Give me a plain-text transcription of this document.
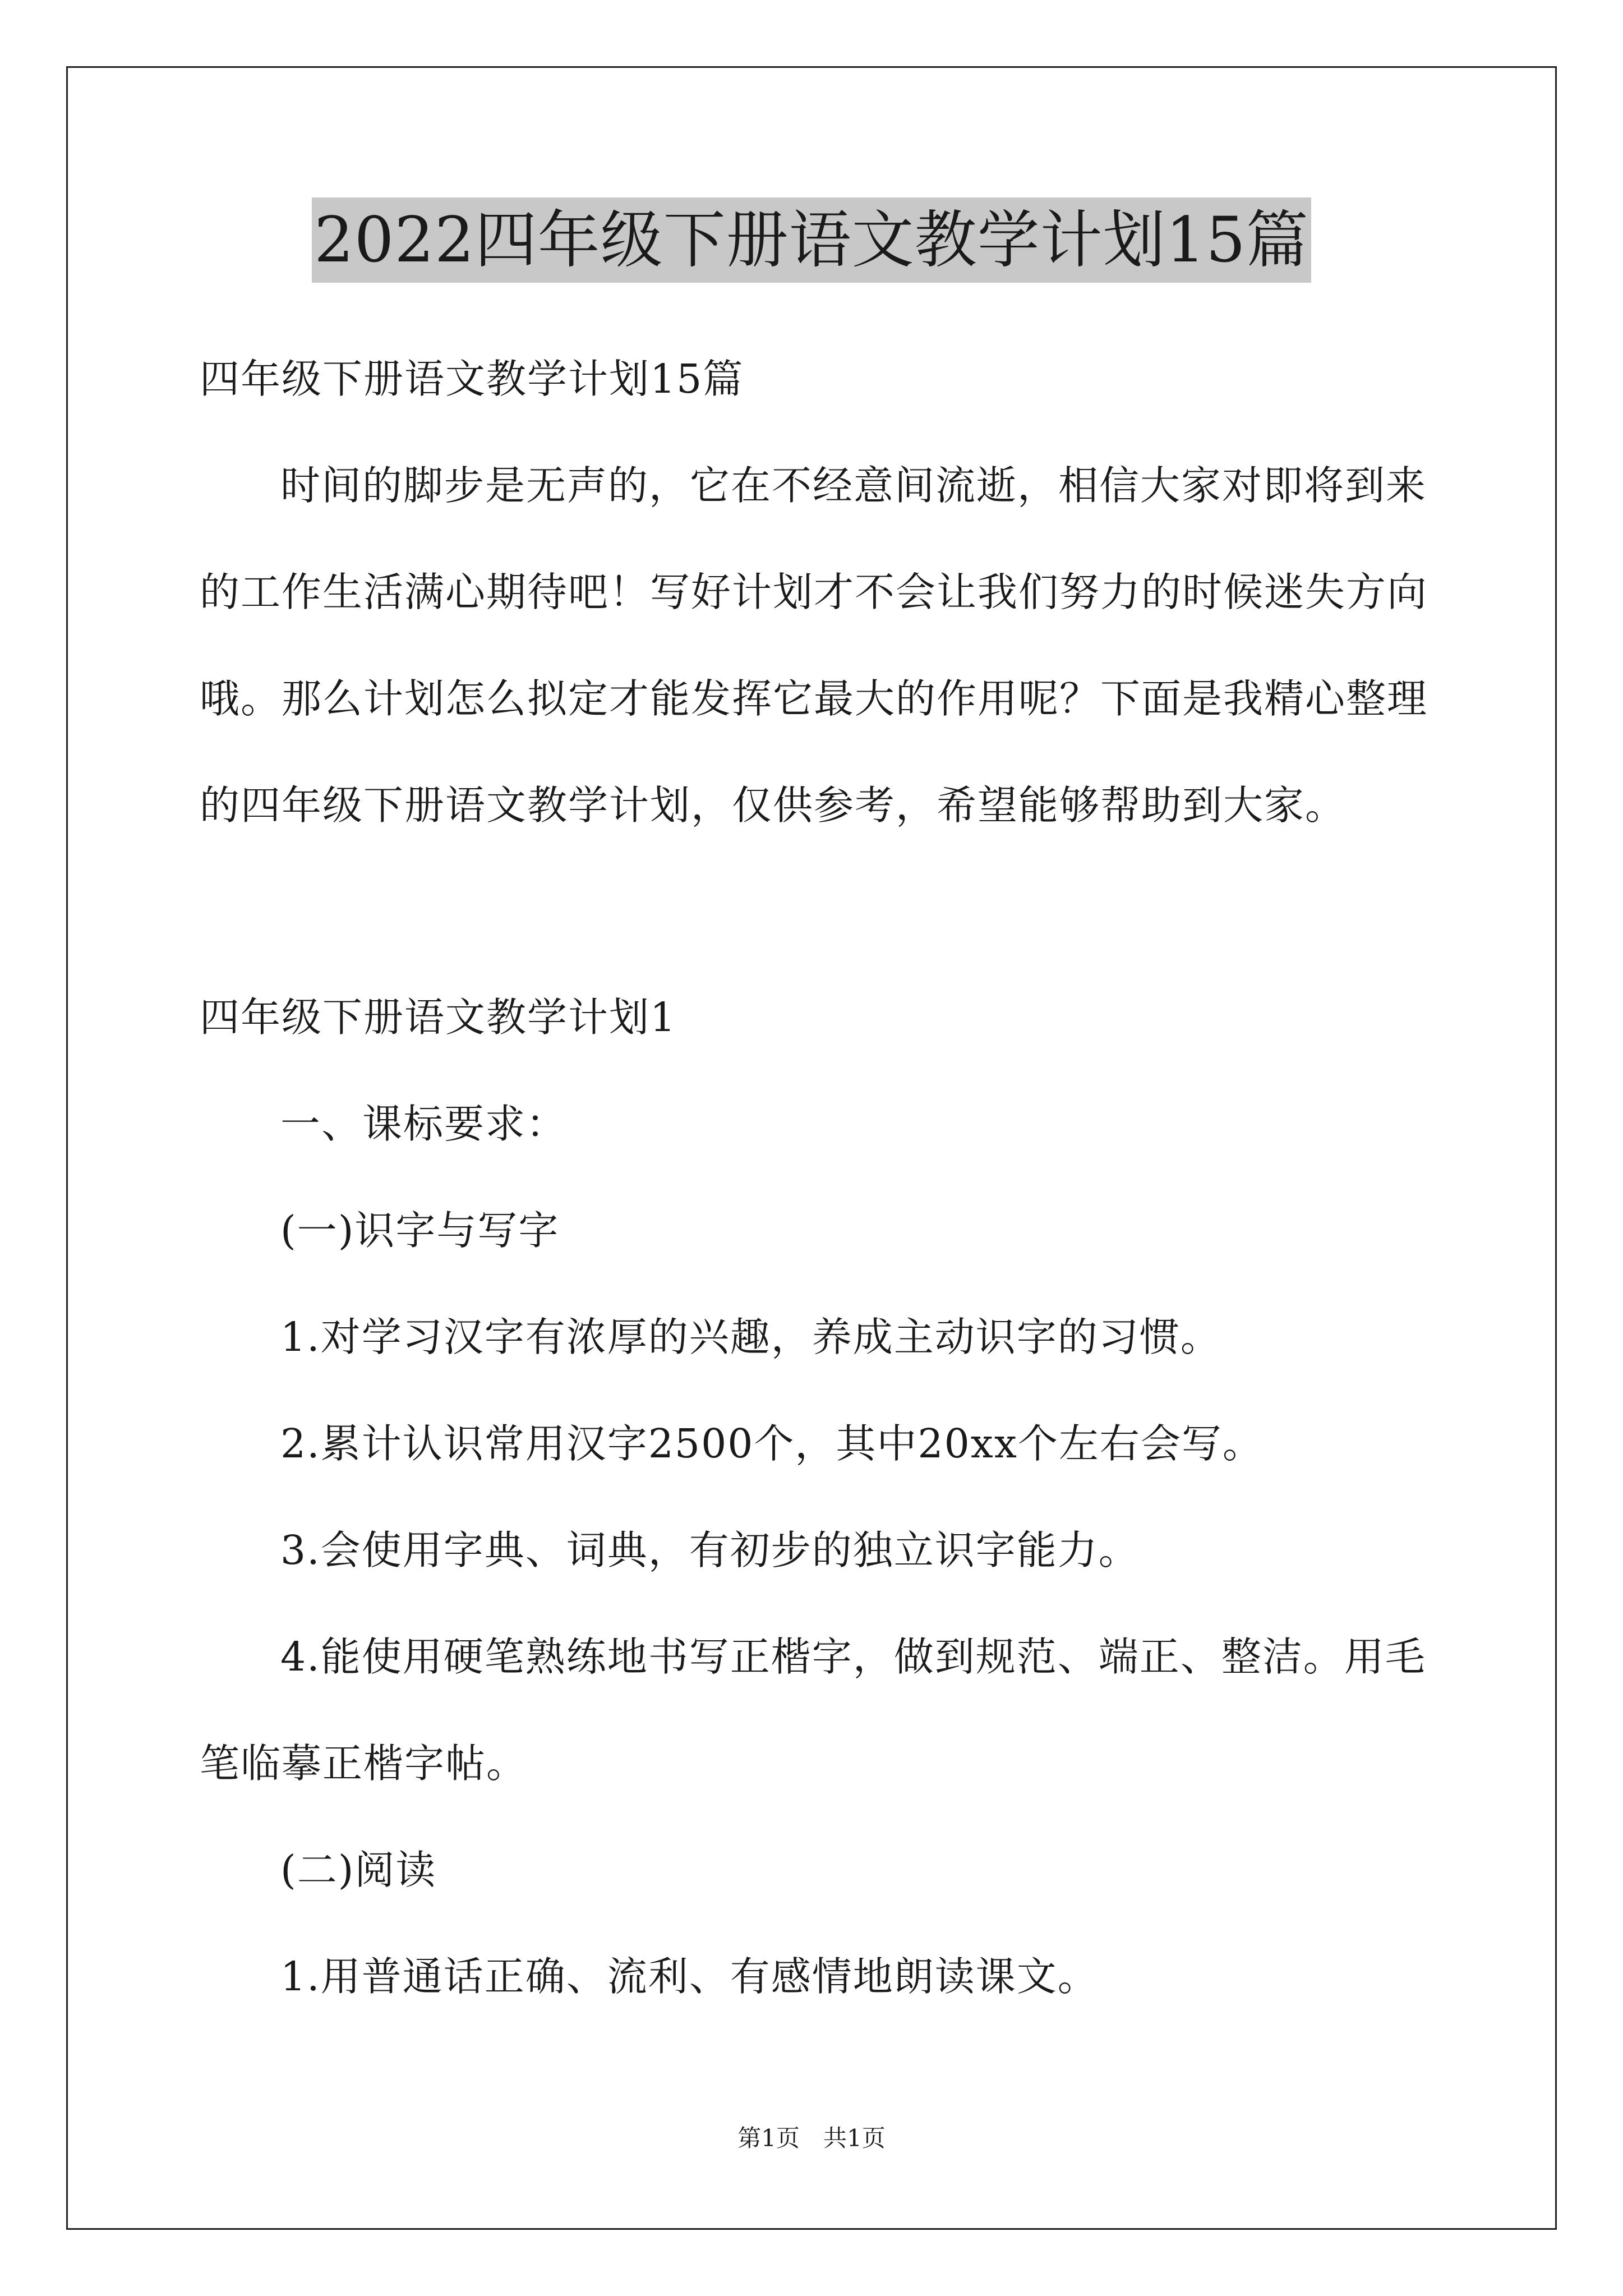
2022四年级下册语文教学计划15篇
四年级下册语文教学计划15篇
时间的脚步是无声的，它在不经意间流逝，相信大家对即将到来
的工作生活满心期待吧！写好计划才不会让我们努力的时候迷失方向
哦。那么计划怎么拟定才能发挥它最大的作用呢？下面是我精心整理
的四年级下册语文教学计划，仅供参考，希望能够帮助到大家。
四年级下册语文教学计划1
一、课标要求：
(一)识字与写字
1.对学习汉字有浓厚的兴趣，养成主动识字的习惯。
2.累计认识常用汉字2500个，其中20xx个左右会写。
3.会使用字典、词典，有初步的独立识字能力。
4.能使用硬笔熟练地书写正楷字，做到规范、端正、整洁。用毛
笔临摹正楷字帖。
(二)阅读
1.用普通话正确、流利、有感情地朗读课文。
第1页　共1页
